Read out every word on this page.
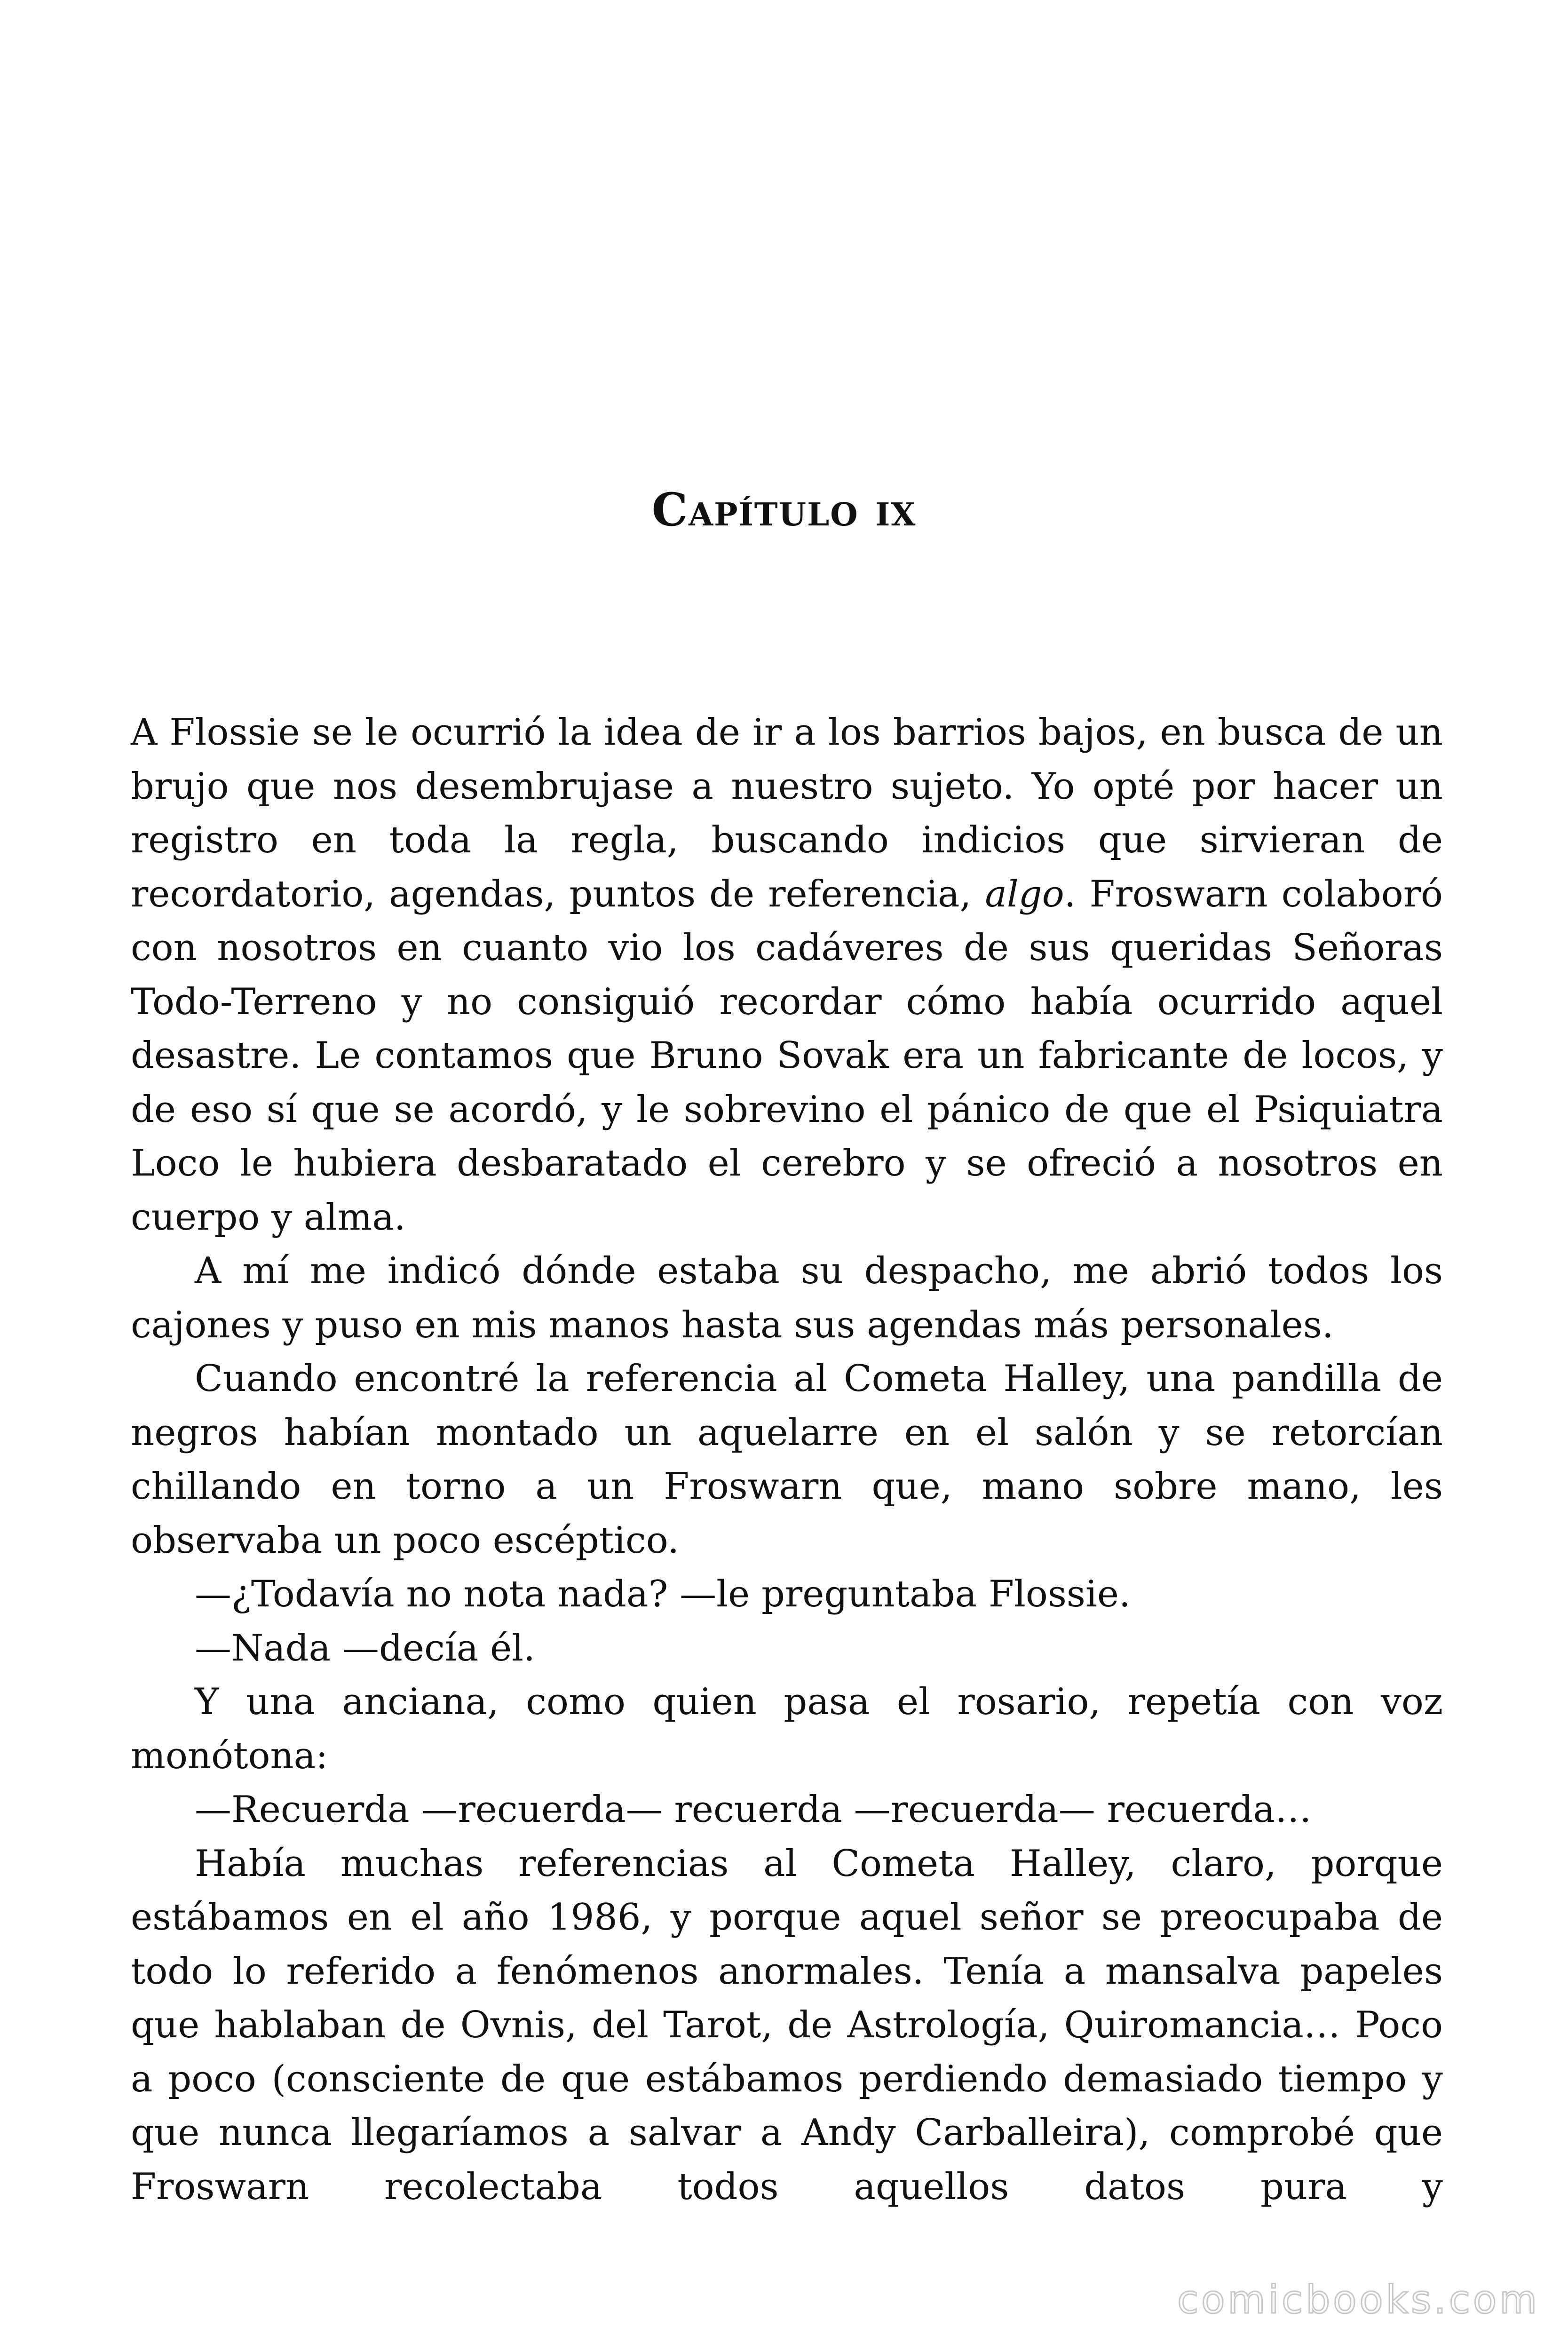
Capítulo ix

A Flossie se le ocurrió la idea de ir a los barrios bajos, en busca de un brujo que nos desembrujase a nuestro sujeto. Yo opté por hacer un registro en toda la regla, buscando indicios que sirvieran de recordatorio, agendas, puntos de referencia, algo. Froswarn colaboró con nosotros en cuanto vio los cadáveres de sus queridas Señoras Todo-Terreno y no consiguió recordar cómo había ocurrido aquel desastre. Le contamos que Bruno Sovak era un fabricante de locos, y de eso sí que se acordó, y le sobrevino el pánico de que el Psiquiatra Loco le hubiera desbaratado el cerebro y se ofreció a nosotros en cuerpo y alma.

A mí me indicó dónde estaba su despacho, me abrió todos los cajones y puso en mis manos hasta sus agendas más personales.

Cuando encontré la referencia al Cometa Halley, una pandilla de negros habían montado un aquelarre en el salón y se retorcían chillando en torno a un Froswarn que, mano sobre mano, les observaba un poco escéptico.

—¿Todavía no nota nada? —le preguntaba Flossie.

—Nada —decía él.

Y una anciana, como quien pasa el rosario, repetía con voz monótona:

—Recuerda —recuerda— recuerda —recuerda— recuerda…

Había muchas referencias al Cometa Halley, claro, porque estábamos en el año 1986, y porque aquel señor se preocupaba de todo lo referido a fenómenos anormales. Tenía a mansalva papeles que hablaban de Ovnis, del Tarot, de Astrología, Quiromancia… Poco a poco (consciente de que estábamos perdiendo demasiado tiempo y que nunca llegaríamos a salvar a Andy Carballeira), comprobé que Froswarn recolectaba todos aquellos datos pura y

comicbooks.com
